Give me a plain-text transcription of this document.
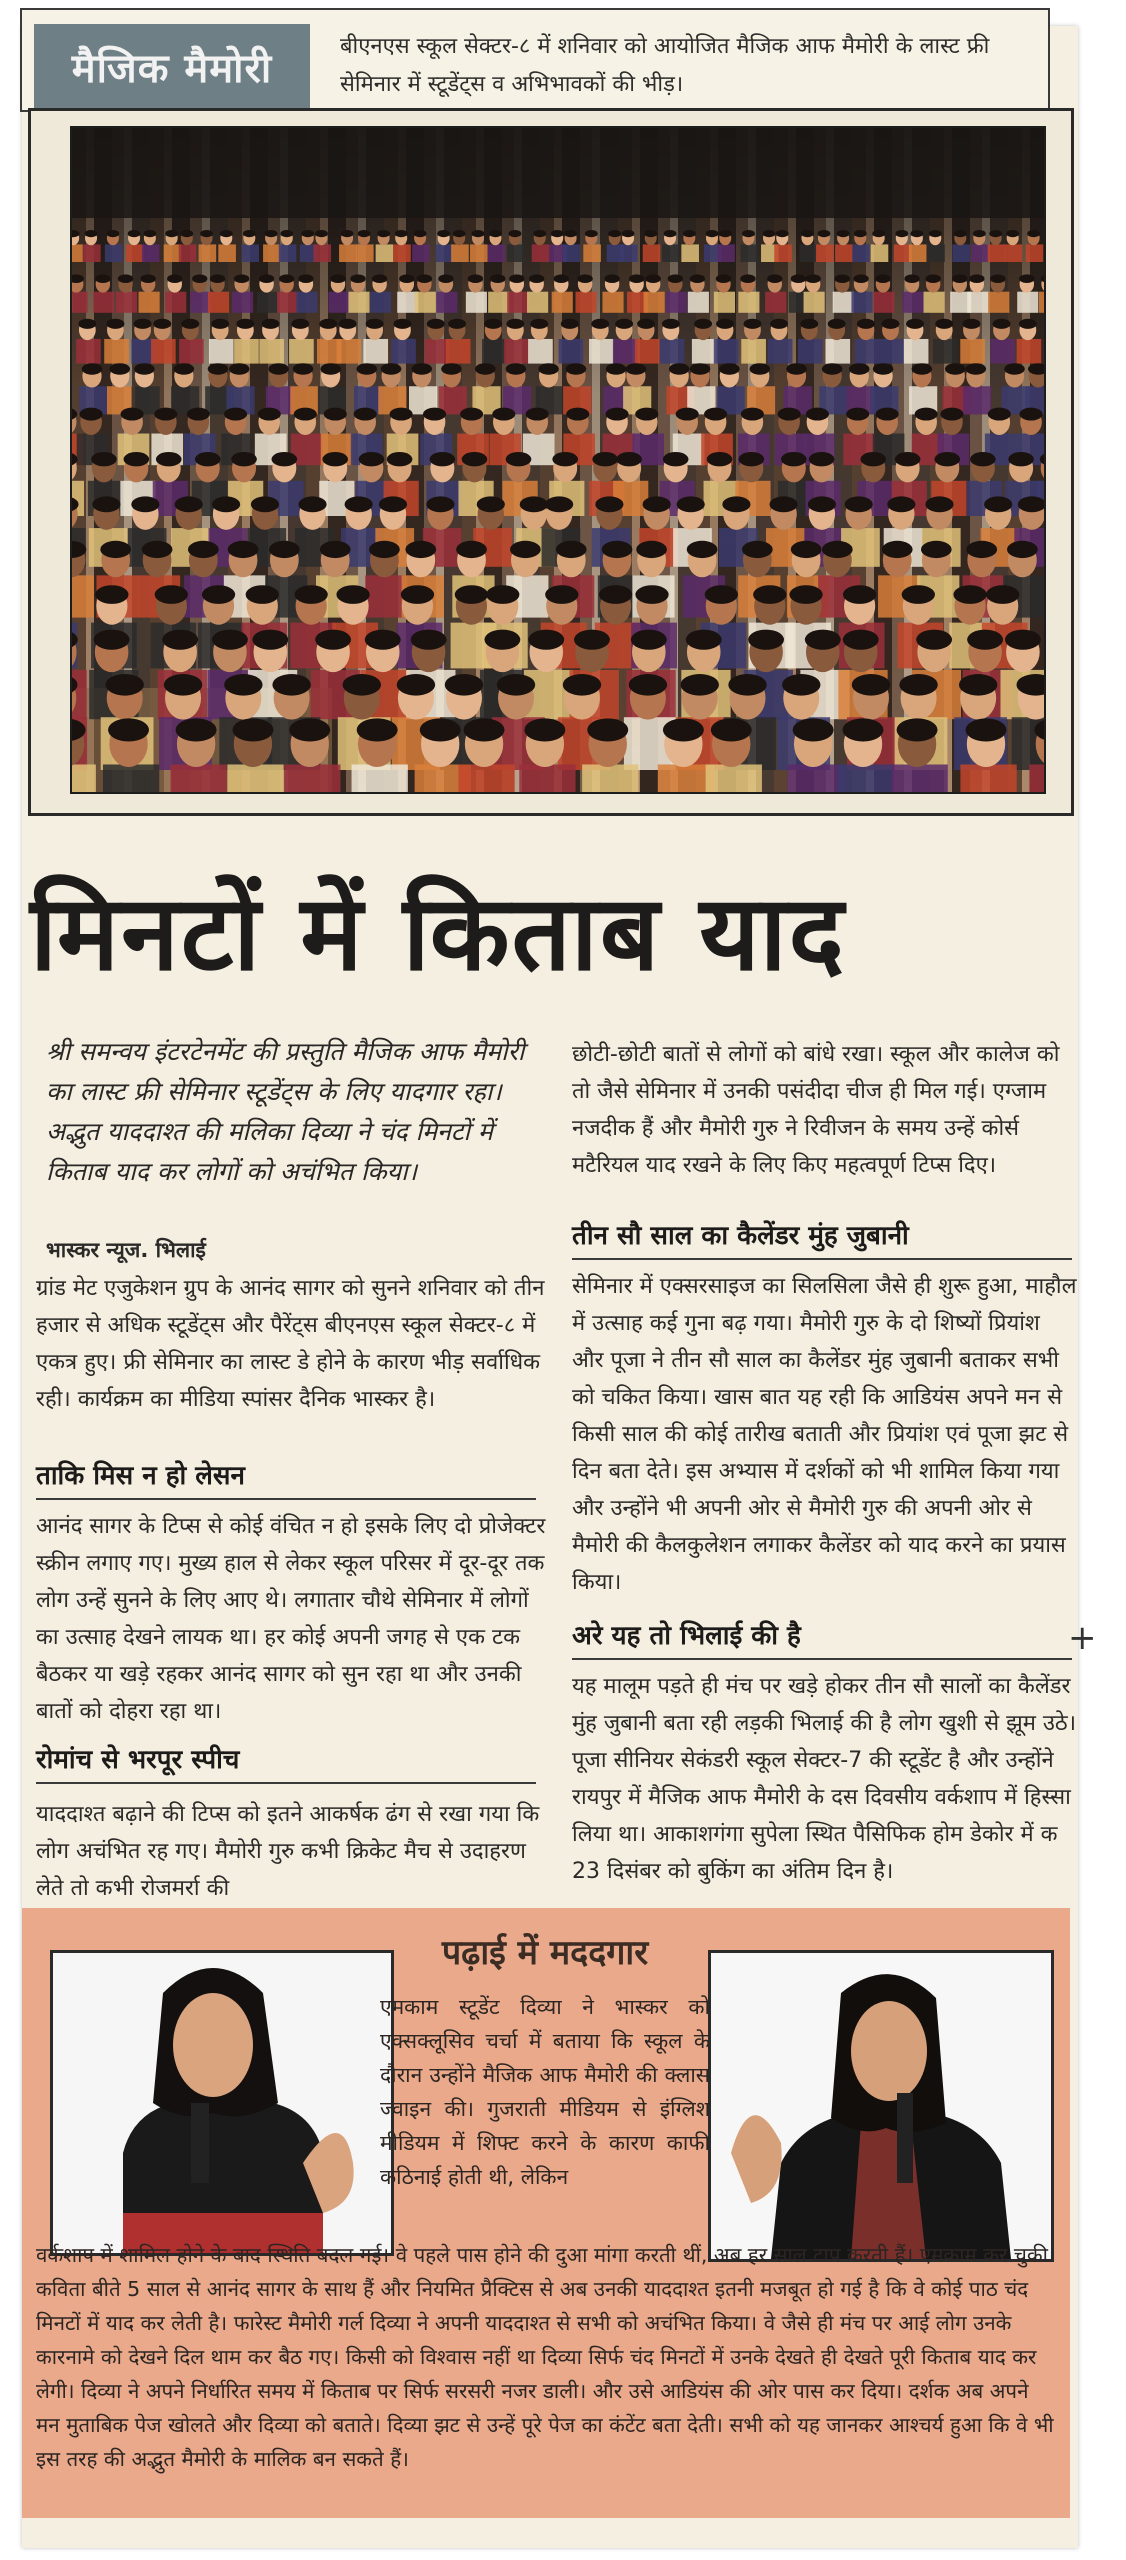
मैजिक मैमोरी	बीएनएस स्कूल सेक्टर-८ में शनिवार को आयोजित मैजिक आफ मैमोरी के लास्ट फ्री सेमिनार में स्टूडेंट्स व अभिभावकों की भीड़।
मिनटों में किताब याद
श्री समन्वय इंटरटेनमेंट की प्रस्तुति मैजिक आफ मैमोरी का लास्ट फ्री सेमिनार स्टूडेंट्स के लिए यादगार रहा। अद्भुत याददाश्त की मलिका दिव्या ने चंद मिनटों में किताब याद कर लोगों को अचंभित किया।
भास्कर न्यूज. भिलाई
ग्रांड मेट एजुकेशन ग्रुप के आनंद सागर को सुनने शनिवार को तीन हजार से अधिक स्टूडेंट्स और पैरेंट्स बीएनएस स्कूल सेक्टर-८ में एकत्र हुए। फ्री सेमिनार का लास्ट डे होने के कारण भीड़ सर्वाधिक रही। कार्यक्रम का मीडिया स्पांसर दैनिक भास्कर है।
ताकि मिस न हो लेसन
आनंद सागर के टिप्स से कोई वंचित न हो इसके लिए दो प्रोजेक्टर स्क्रीन लगाए गए। मुख्य हाल से लेकर स्कूल परिसर में दूर-दूर तक लोग उन्हें सुनने के लिए आए थे। लगातार चौथे सेमिनार में लोगों का उत्साह देखने लायक था। हर कोई अपनी जगह से एक टक बैठकर या खड़े रहकर आनंद सागर को सुन रहा था और उनकी बातों को दोहरा रहा था।
रोमांच से भरपूर स्पीच
याददाश्त बढ़ाने की टिप्स को इतने आकर्षक ढंग से रखा गया कि लोग अचंभित रह गए। मैमोरी गुरु कभी क्रिकेट मैच से उदाहरण लेते तो कभी रोजमर्रा की
छोटी-छोटी बातों से लोगों को बांधे रखा। स्कूल और कालेज को तो जैसे सेमिनार में उनकी पसंदीदा चीज ही मिल गई। एग्जाम नजदीक हैं और मैमोरी गुरु ने रिवीजन के समय उन्हें कोर्स मटैरियल याद रखने के लिए किए महत्वपूर्ण टिप्स दिए।
तीन सौ साल का कैलेंडर मुंह जुबानी
सेमिनार में एक्सरसाइज का सिलसिला जैसे ही शुरू हुआ, माहौल में उत्साह कई गुना बढ़ गया। मैमोरी गुरु के दो शिष्यों प्रियांश और पूजा ने तीन सौ साल का कैलेंडर मुंह जुबानी बताकर सभी को चकित किया। खास बात यह रही कि आडियंस अपने मन से किसी साल की कोई तारीख बताती और प्रियांश एवं पूजा झट से दिन बता देते। इस अभ्यास में दर्शकों को भी शामिल किया गया और उन्होंने भी अपनी ओर से मैमोरी गुरु की अपनी ओर से मैमोरी की कैलकुलेशन लगाकर कैलेंडर को याद करने का प्रयास किया।
अरे यह तो भिलाई की है
यह मालूम पड़ते ही मंच पर खड़े होकर तीन सौ सालों का कैलेंडर मुंह जुबानी बता रही लड़की भिलाई की है लोग खुशी से झूम उठे। पूजा सीनियर सेकंडरी स्कूल सेक्टर-7 की स्टूडेंट है और उन्होंने रायपुर में मैजिक आफ मैमोरी के दस दिवसीय वर्कशाप में हिस्सा लिया था। आकाशगंगा सुपेला स्थित पैसिफिक होम डेकोर में क 23 दिसंबर को बुकिंग का अंतिम दिन है।
+
पढ़ाई में मददगार
एमकाम स्टूडेंट दिव्या ने भास्कर को एक्सक्लूसिव चर्चा में बताया कि स्कूल के दौरान उन्होंने मैजिक आफ मैमोरी की क्लास ज्वाइन की। गुजराती मीडियम से इंग्लिश मीडियम में शिफ्ट करने के कारण काफी कठिनाई होती थी, लेकिन
वर्कशाप में शामिल होने के बाद स्थिति बदल गई। वे पहले पास होने की दुआ मांगा करती थीं, अब हर साल टाप करती हैं। एमकाम कर चुकी कविता बीते 5 साल से आनंद सागर के साथ हैं और नियमित प्रैक्टिस से अब उनकी याददाश्त इतनी मजबूत हो गई है कि वे कोई पाठ चंद मिनटों में याद कर लेती है। फारेस्ट मैमोरी गर्ल दिव्या ने अपनी याददाश्त से सभी को अचंभित किया। वे जैसे ही मंच पर आई लोग उनके कारनामे को देखने दिल थाम कर बैठ गए। किसी को विश्वास नहीं था दिव्या सिर्फ चंद मिनटों में उनके देखते ही देखते पूरी किताब याद कर लेगी। दिव्या ने अपने निर्धारित समय में किताब पर सिर्फ सरसरी नजर डाली। और उसे आडियंस की ओर पास कर दिया। दर्शक अब अपने मन मुताबिक पेज खोलते और दिव्या को बताते। दिव्या झट से उन्हें पूरे पेज का कंटेंट बता देती। सभी को यह जानकर आश्चर्य हुआ कि वे भी इस तरह की अद्भुत मैमोरी के मालिक बन सकते हैं।
